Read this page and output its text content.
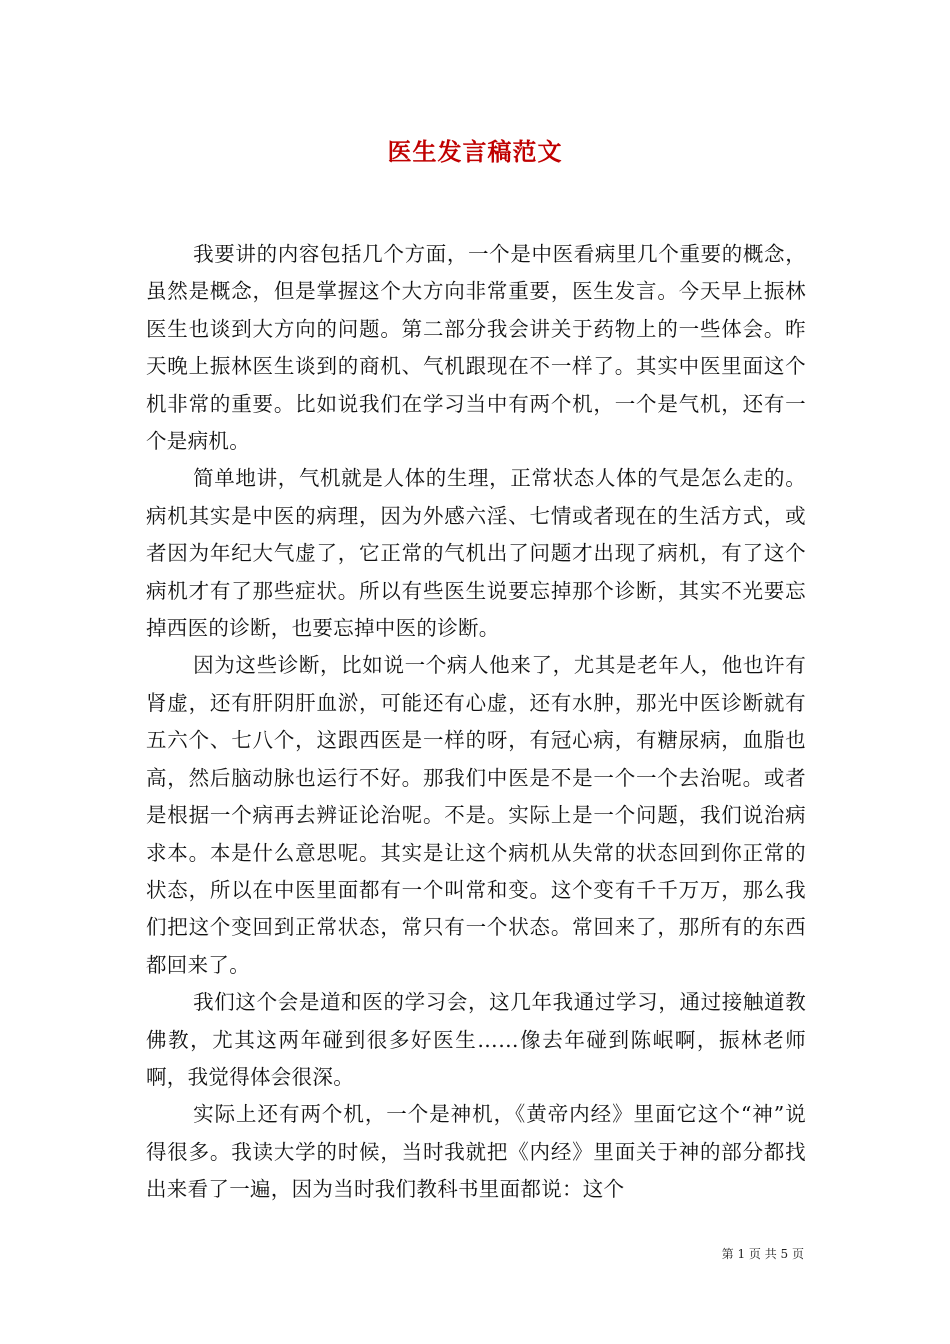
医生发言稿范文

我要讲的内容包括几个方面，一个是中医看病里几个重要的概念，虽然是概念，但是掌握这个大方向非常重要，医生发言。今天早上振林医生也谈到大方向的问题。第二部分我会讲关于药物上的一些体会。昨天晚上振林医生谈到的商机、气机跟现在不一样了。其实中医里面这个机非常的重要。比如说我们在学习当中有两个机，一个是气机，还有一个是病机。

简单地讲，气机就是人体的生理，正常状态人体的气是怎么走的。病机其实是中医的病理，因为外感六淫、七情或者现在的生活方式，或者因为年纪大气虚了，它正常的气机出了问题才出现了病机，有了这个病机才有了那些症状。所以有些医生说要忘掉那个诊断，其实不光要忘掉西医的诊断，也要忘掉中医的诊断。

因为这些诊断，比如说一个病人他来了，尤其是老年人，他也许有肾虚，还有肝阴肝血淤，可能还有心虚，还有水肿，那光中医诊断就有五六个、七八个，这跟西医是一样的呀，有冠心病，有糖尿病，血脂也高，然后脑动脉也运行不好。那我们中医是不是一个一个去治呢。或者是根据一个病再去辨证论治呢。不是。实际上是一个问题，我们说治病求本。本是什么意思呢。其实是让这个病机从失常的状态回到你正常的状态，所以在中医里面都有一个叫常和变。这个变有千千万万，那么我们把这个变回到正常状态，常只有一个状态。常回来了，那所有的东西都回来了。

我们这个会是道和医的学习会，这几年我通过学习，通过接触道教佛教，尤其这两年碰到很多好医生……像去年碰到陈岷啊，振林老师啊，我觉得体会很深。

实际上还有两个机，一个是神机，《黄帝内经》里面它这个“神”说得很多。我读大学的时候，当时我就把《内经》里面关于神的部分都找出来看了一遍，因为当时我们教科书里面都说：这个

第 1 页 共 5 页
